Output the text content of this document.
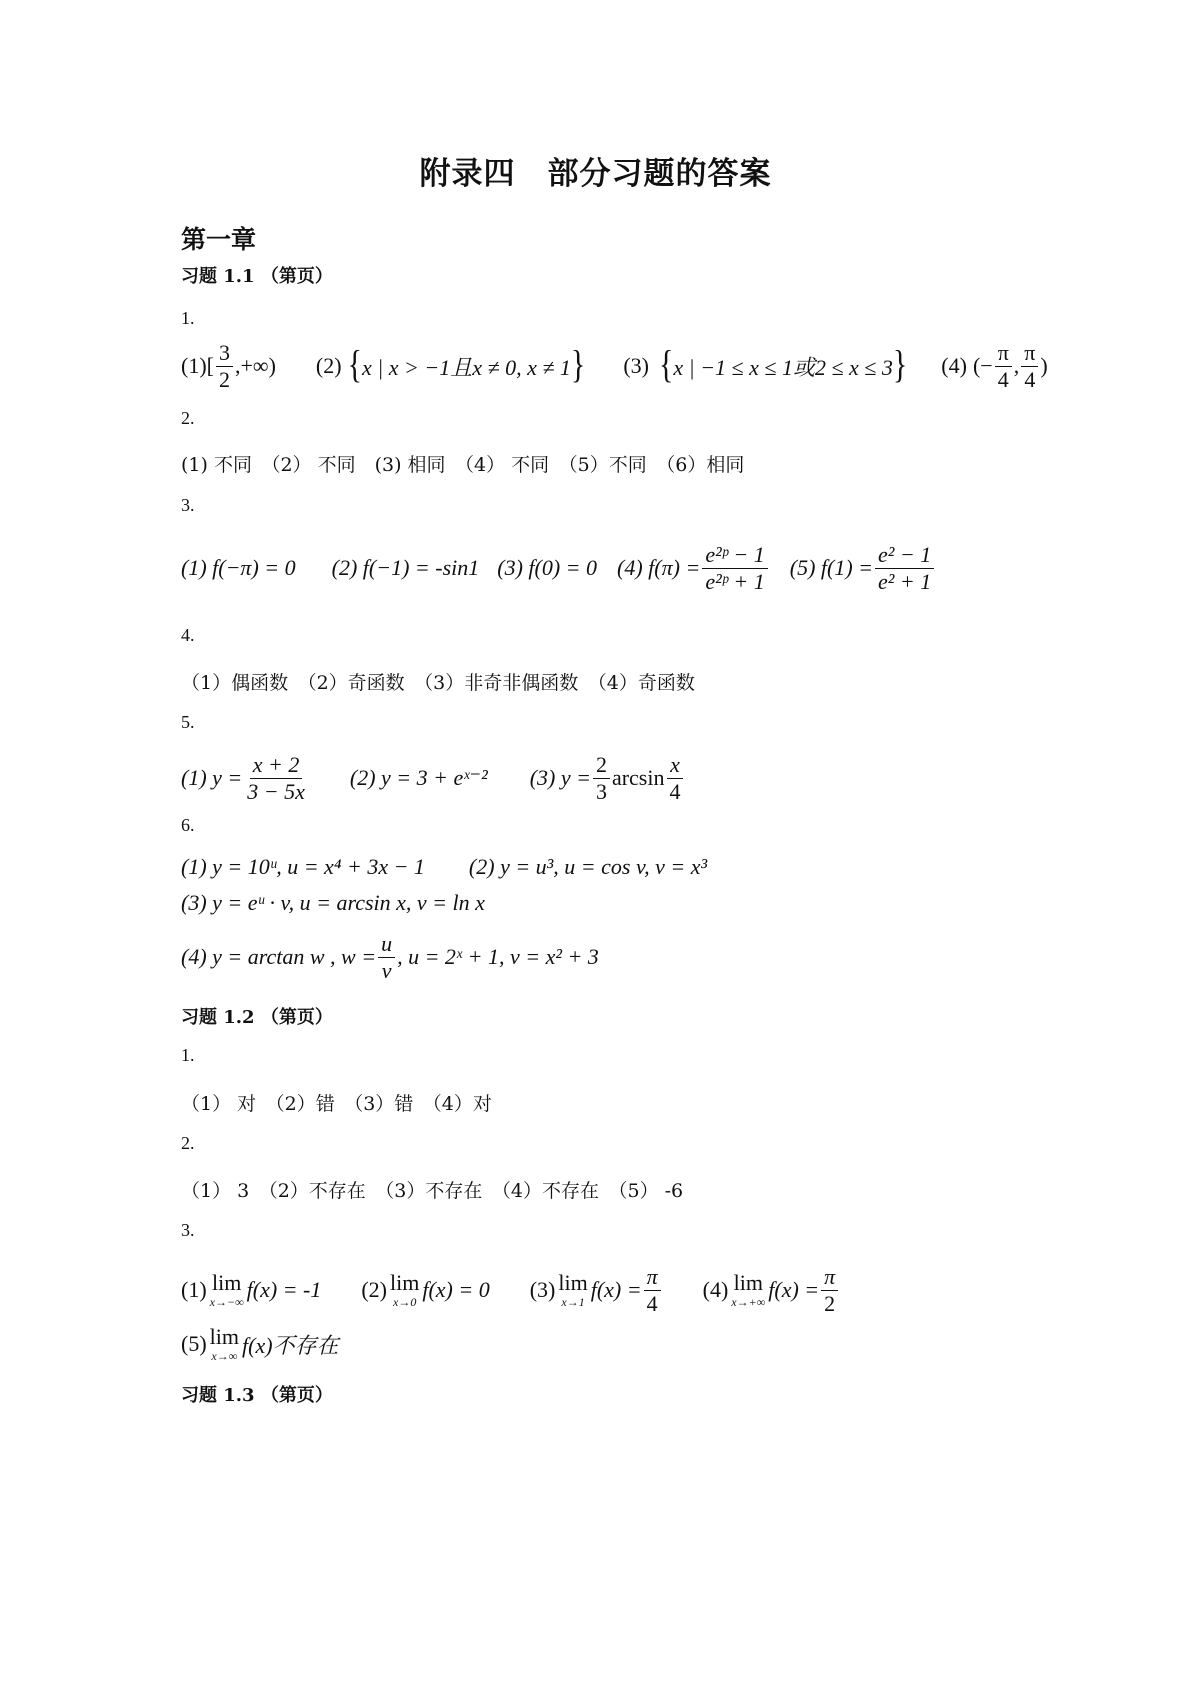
附录四　部分习题的答案
第一章
习题 1.1 （第页）
1.
(1) [ $\frac{3}{2}$ ,+∞) (2) { x | x > −1且x ≠ 0, x ≠ 1 } (3) { x | −1 ≤ x ≤ 1或2 ≤ x ≤ 3 } (4) (− $\frac{\pi}{4}$ , $\frac{\pi}{4}$ )
2.
(1) 不同　（2） 不同　(3) 相同　（4） 不同　（5）不同　（6）相同
3.
(1) f(−π) = 0 (2) f(−1) = -sin1 (3) f(0) = 0 (4) $f(\pi) = \frac{\text{e²ᵖ − 1}}{\text{e²ᵖ + 1}} (5) f(1) = \frac{\text{e² − 1}}{\text{e² + 1}}$
4.
（1）偶函数　（2）奇函数　（3）非奇非偶函数　（4）奇函数
5.
(1) $y = \frac{x + 2}{3 - 5x} (2) y = 3$ + eˣ⁻² (3) $y = \frac{2}{3}$ $\arcsin \frac{x}{4}$
6.
(1) y = 10ᵘ, u = x⁴ + 3x − 1　　(2) y = u³, u = cos v, v = x³
(3) y = eᵘ · v, u = arcsin x, v = ln x
(4) y = arctan w , $w = \frac{u}{v}$ , u = 2ˣ + 1, v = x² + 3
习题 1.2 （第页）
1.
（1） 对　（2）错　（3）错　（4）对
2.
（1） 3　（2）不存在　（3）不存在　（4）不存在　（5） -6
3.
(1) lim
x→−∞ f(x) = -1 (2) lim
x→0 f(x) = 0 (3) lim
x→1 $f(x) = \frac{\pi}{4} (4)$ lim
x→+∞ $f(x) = \frac{\pi}{2}$
(5) lim
x→∞ f(x)不存在
习题 1.3 （第页）
